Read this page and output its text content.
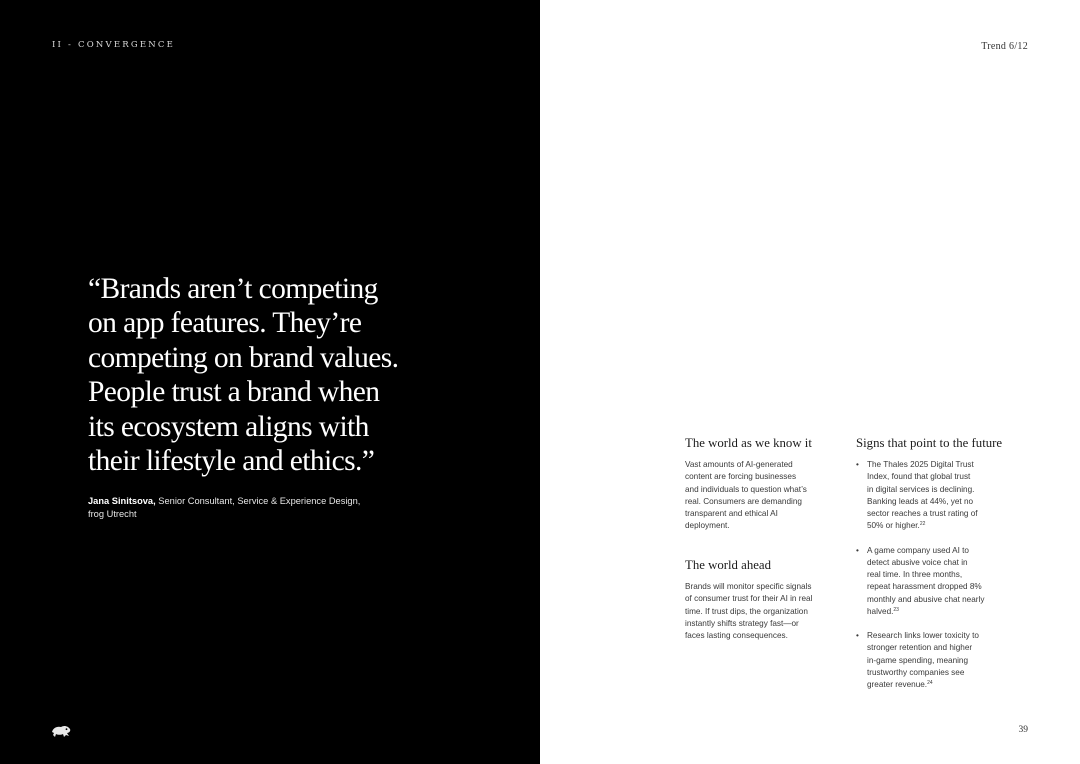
II - CONVERGENCE
“Brands aren’t competing
on app features. They’re
competing on brand values.
People trust a brand when
its ecosystem aligns with
their lifestyle and ethics.”
Jana Sinitsova, Senior Consultant, Service & Experience Design,
frog Utrecht
Trend 6/12
The world as we know it
Vast amounts of AI-generated
content are forcing businesses
and individuals to question what’s
real. Consumers are demanding
transparent and ethical AI
deployment.
The world ahead
Brands will monitor specific signals
of consumer trust for their AI in real
time. If trust dips, the organization
instantly shifts strategy fast—or
faces lasting consequences.
Signs that point to the future
• The Thales 2025 Digital Trust
Index, found that global trust
in digital services is declining.
Banking leads at 44%, yet no
sector reaches a trust rating of
50% or higher.$^{22}$
• A game company used AI to
detect abusive voice chat in
real time. In three months,
repeat harassment dropped 8%
monthly and abusive chat nearly
halved.$^{23}$
• Research links lower toxicity to
stronger retention and higher
in-game spending, meaning
trustworthy companies see
greater revenue.$^{24}$
39
